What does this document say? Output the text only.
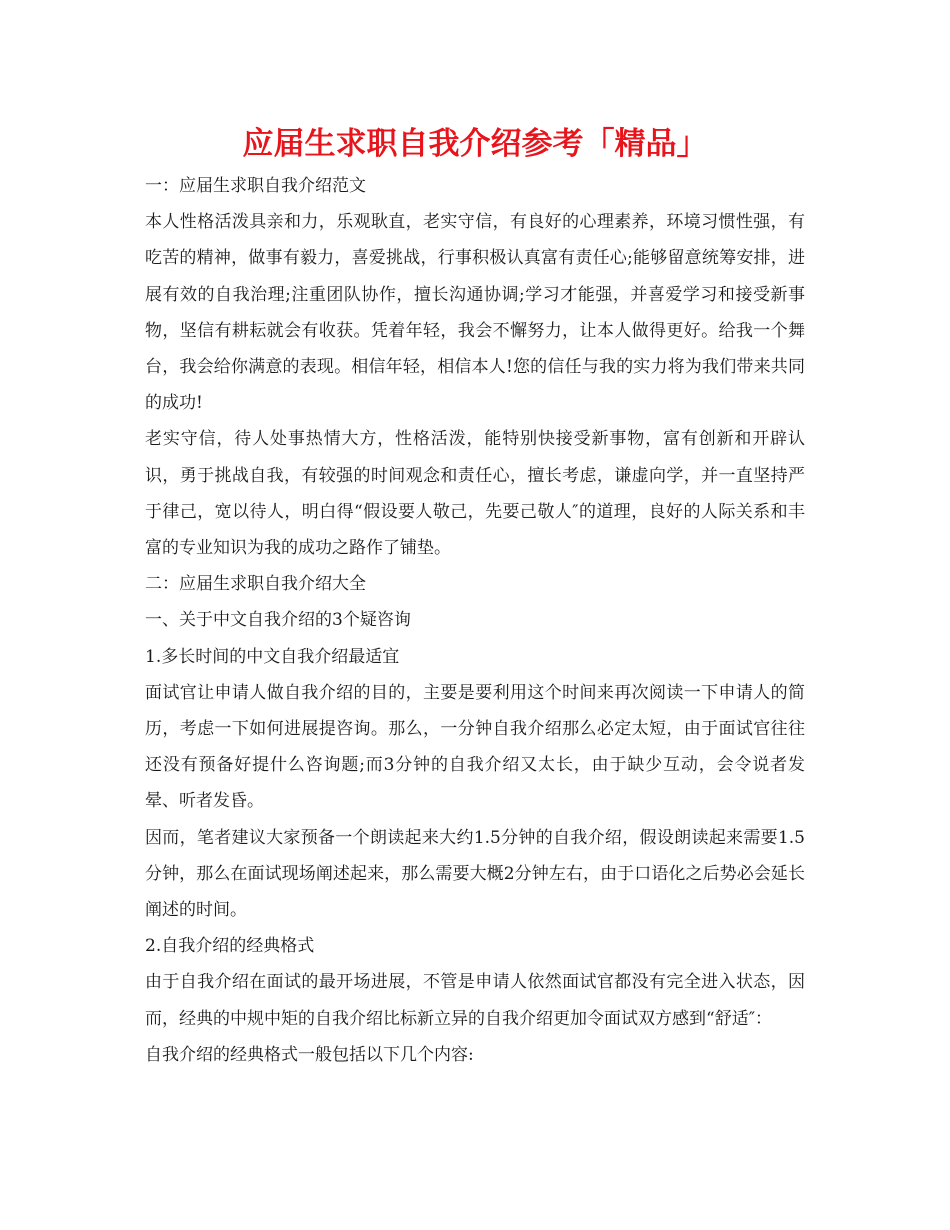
应届生求职自我介绍参考「精品」

一：应届生求职自我介绍范文

本人性格活泼具亲和力，乐观耿直，老实守信，有良好的心理素养，环境习惯性强，有吃苦的精神，做事有毅力，喜爱挑战，行事积极认真富有责任心;能够留意统筹安排，进展有效的自我治理;注重团队协作，擅长沟通协调;学习才能强，并喜爱学习和接受新事物，坚信有耕耘就会有收获。凭着年轻，我会不懈努力，让本人做得更好。给我一个舞台，我会给你满意的表现。相信年轻，相信本人!您的信任与我的实力将为我们带来共同的成功!

老实守信，待人处事热情大方，性格活泼，能特别快接受新事物，富有创新和开辟认识，勇于挑战自我，有较强的时间观念和责任心，擅长考虑，谦虚向学，并一直坚持严于律己，宽以待人，明白得“假设要人敬己，先要己敬人″的道理，良好的人际关系和丰富的专业知识为我的成功之路作了铺垫。

二：应届生求职自我介绍大全

一、关于中文自我介绍的3个疑咨询

1.多长时间的中文自我介绍最适宜

面试官让申请人做自我介绍的目的，主要是要利用这个时间来再次阅读一下申请人的简历，考虑一下如何进展提咨询。那么，一分钟自我介绍那么必定太短，由于面试官往往还没有预备好提什么咨询题;而3分钟的自我介绍又太长，由于缺少互动，会令说者发晕、听者发昏。

因而，笔者建议大家预备一个朗读起来大约1.5分钟的自我介绍，假设朗读起来需要1.5分钟，那么在面试现场阐述起来，那么需要大概2分钟左右，由于口语化之后势必会延长阐述的时间。

2.自我介绍的经典格式

由于自我介绍在面试的最开场进展，不管是申请人依然面试官都没有完全进入状态，因而，经典的中规中矩的自我介绍比标新立异的自我介绍更加令面试双方感到“舒适″：

自我介绍的经典格式一般包括以下几个内容:
